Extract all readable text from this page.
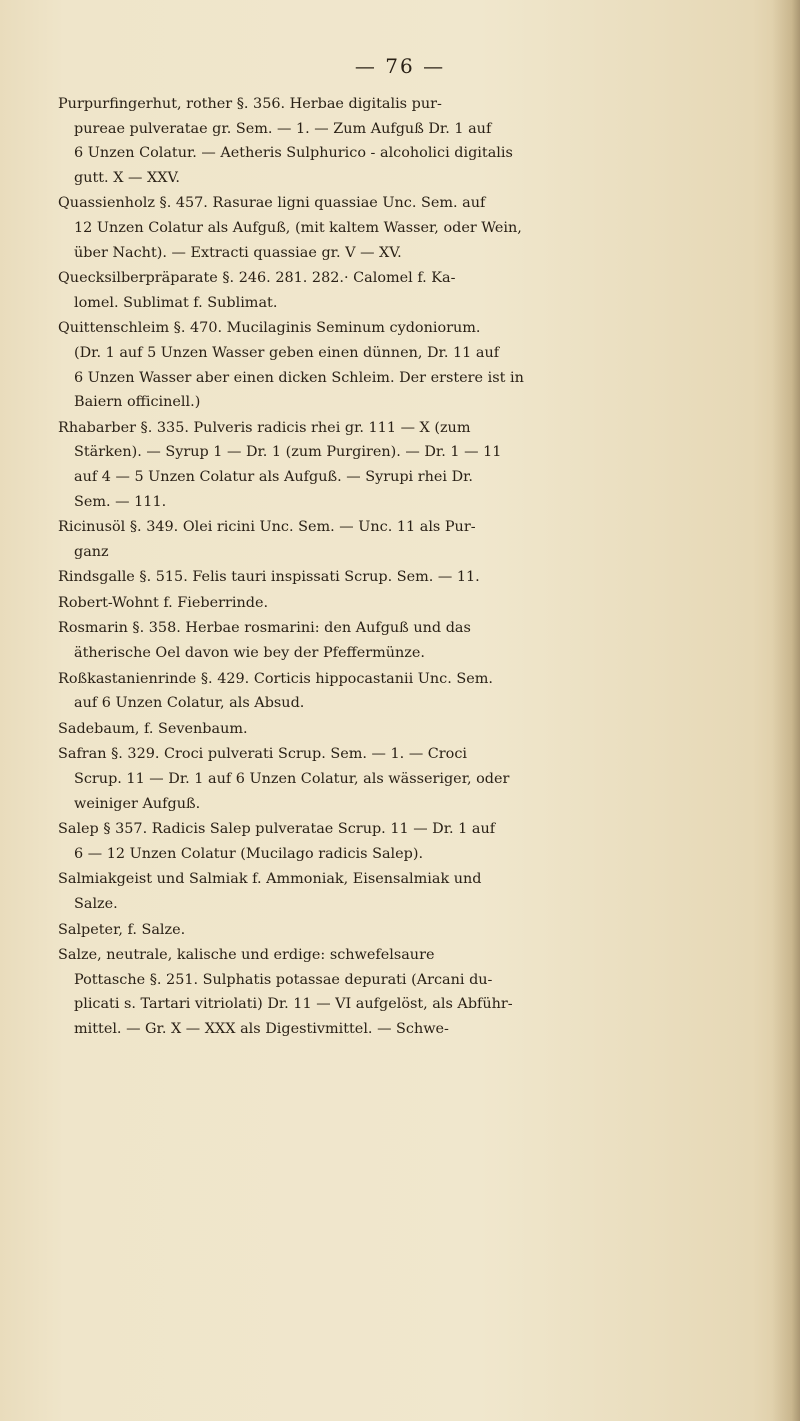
— 76 —
Purpurfingerhut, rother §. 356. Herbae digitalis pur-
pureae pulveratae gr. Sem. — 1. — Zum Aufguß Dr. 1 auf
6 Unzen Colatur. — Aetheris Sulphurico - alcoholici digitalis
gutt. X — XXV.
Quassienholz §. 457. Rasurae ligni quassiae Unc. Sem. auf
12 Unzen Colatur als Aufguß, (mit kaltem Wasser, oder Wein,
über Nacht). — Extracti quassiae gr. V — XV.
Quecksilberpräparate §. 246. 281. 282.· Calomel f. Ka-
lomel. Sublimat f. Sublimat.
Quittenschleim §. 470. Mucilaginis Seminum cydoniorum.
(Dr. 1 auf 5 Unzen Wasser geben einen dünnen, Dr. 11 auf
6 Unzen Wasser aber einen dicken Schleim. Der erstere ist in
Baiern officinell.)
Rhabarber §. 335. Pulveris radicis rhei gr. 111 — X (zum
Stärken). — Syrup 1 — Dr. 1 (zum Purgiren). — Dr. 1 — 11
auf 4 — 5 Unzen Colatur als Aufguß. — Syrupi rhei Dr.
Sem. — 111.
Ricinusöl §. 349. Olei ricini Unc. Sem. — Unc. 11 als Pur-
ganz
Rindsgalle §. 515. Felis tauri inspissati Scrup. Sem. — 11.
Robert-Wohnt f. Fieberrinde.
Rosmarin §. 358. Herbae rosmarini: den Aufguß und das
ätherische Oel davon wie bey der Pfeffermünze.
Roßkastanienrinde §. 429. Corticis hippocastanii Unc. Sem.
auf 6 Unzen Colatur, als Absud.
Sadebaum, f. Sevenbaum.
Safran §. 329. Croci pulverati Scrup. Sem. — 1. — Croci
Scrup. 11 — Dr. 1 auf 6 Unzen Colatur, als wässeriger, oder
weiniger Aufguß.
Salep § 357. Radicis Salep pulveratae Scrup. 11 — Dr. 1 auf
6 — 12 Unzen Colatur (Mucilago radicis Salep).
Salmiakgeist und Salmiak f. Ammoniak, Eisensalmiak und
Salze.
Salpeter, f. Salze.
Salze, neutrale, kalische und erdige: schwefelsaure
Pottasche §. 251. Sulphatis potassae depurati (Arcani du-
plicati s. Tartari vitriolati) Dr. 11 — VI aufgelöst, als Abführ-
mittel. — Gr. X — XXX als Digestivmittel. — Schwe-
